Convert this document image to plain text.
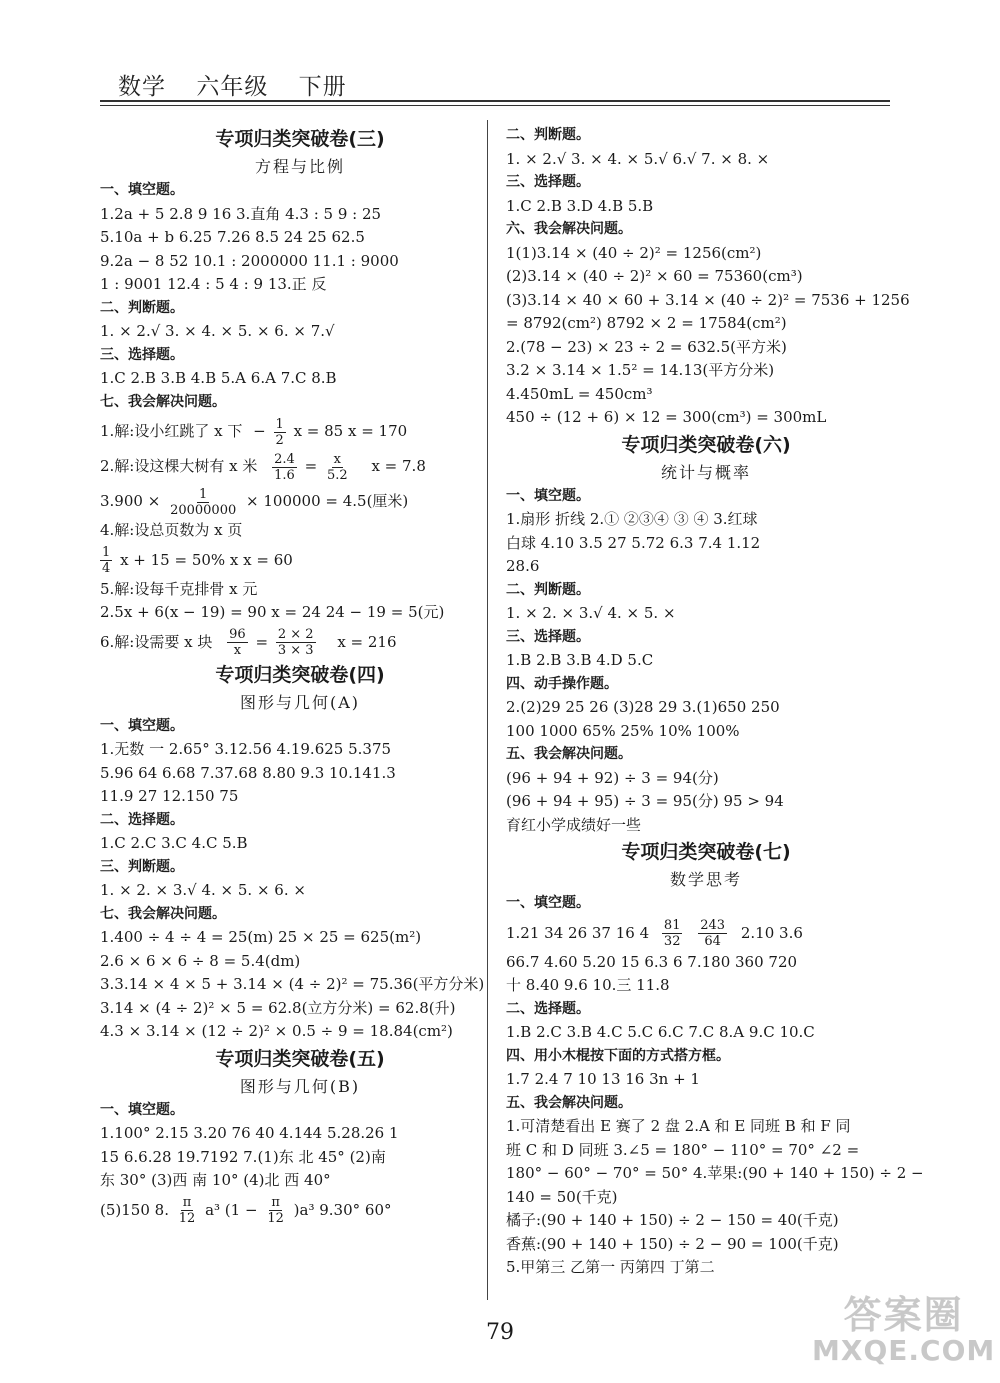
数学 六年级 下册
专项归类突破卷(三)
方程与比例
一、填空题。
1.2a + 5 2.8 9 16 3.直角 4.3 : 5 9 : 25
5.10a + b 6.25 7.26 8.5 24 25 62.5
9.2a − 8 52 10.1 : 2000000 11.1 : 9000
1 : 9001 12.4 : 5 4 : 9 13.正 反
二、判断题。
1. × 2.√ 3. × 4. × 5. × 6. × 7.√
三、选择题。
1.C 2.B 3.B 4.B 5.A 6.A 7.C 8.B
七、我会解决问题。
1.解:设小红跳了 x 下 − $\frac{1}{2}$ x = 85 x = 170
2.解:设这棵大树有 x 米 $\frac{2.4}{1.6} = \frac{x}{5.2}$ x = 7.8
$3.900 \times \frac{1}{20000000} \times 100000 = 4.5$(厘米)
4.解:设总页数为 x 页
$\frac{1}{4}$ x + 15 = 50% x x = 60
5.解:设每千克排骨 x 元
2.5x + 6(x − 19) = 90 x = 24 24 − 19 = 5(元)
6.解:设需要 x 块 $\frac{96}{x} = \frac{2 \times 2}{3 \times 3}$ x = 216
专项归类突破卷(四)
图形与几何(A)
一、填空题。
1.无数 一 2.65° 3.12.56 4.19.625 5.375
5.96 64 6.68 7.37.68 8.80 9.3 10.141.3
11.9 27 12.150 75
二、选择题。
1.C 2.C 3.C 4.C 5.B
三、判断题。
1. × 2. × 3.√ 4. × 5. × 6. ×
七、我会解决问题。
1.400 ÷ 4 ÷ 4 = 25(m) 25 × 25 = 625(m²)
2.6 × 6 × 6 ÷ 8 = 5.4(dm)
3.3.14 × 4 × 5 + 3.14 × (4 ÷ 2)² = 75.36(平方分米)
3.14 × (4 ÷ 2)² × 5 = 62.8(立方分米) = 62.8(升)
4.3 × 3.14 × (12 ÷ 2)² × 0.5 ÷ 9 = 18.84(cm²)
专项归类突破卷(五)
图形与几何(B)
一、填空题。
1.100° 2.15 3.20 76 40 4.144 5.28.26 1
15 6.6.28 19.7192 7.(1)东 北 45° (2)南
东 30° (3)西 南 10° (4)北 西 40°
(5)150 8. $\frac{\pi}{12} a^3$ $(1 - \frac{\pi}{12} )a^3$ 9.30° 60°
二、判断题。
1. × 2.√ 3. × 4. × 5.√ 6.√ 7. × 8. ×
三、选择题。
1.C 2.B 3.D 4.B 5.B
六、我会解决问题。
1(1)3.14 × (40 ÷ 2)² = 1256(cm²)
(2)3.14 × (40 ÷ 2)² × 60 = 75360(cm³)
(3)3.14 × 40 × 60 + 3.14 × (40 ÷ 2)² = 7536 + 1256
= 8792(cm²) 8792 × 2 = 17584(cm²)
2.(78 − 23) × 23 ÷ 2 = 632.5(平方米)
3.2 × 3.14 × 1.5² = 14.13(平方分米)
4.450mL = 450cm³
450 ÷ (12 + 6) × 12 = 300(cm³) = 300mL
专项归类突破卷(六)
统计与概率
一、填空题。
1.扇形 折线 2.① ②③④ ③ ④ 3.红球
白球 4.10 3.5 27 5.72 6.3 7.4 1.12
28.6
二、判断题。
1. × 2. × 3.√ 4. × 5. ×
三、选择题。
1.B 2.B 3.B 4.D 5.C
四、动手操作题。
2.(2)29 25 26 (3)28 29 3.(1)650 250
100 1000 65% 25% 10% 100%
五、我会解决问题。
(96 + 94 + 92) ÷ 3 = 94(分)
(96 + 94 + 95) ÷ 3 = 95(分) 95 > 94
育红小学成绩好一些
专项归类突破卷(七)
数学思考
一、填空题。
1.21 34 26 37 16 $4 \frac{81}{32}$
$\frac{243}{64} 2.10$ 3.6
66.7 4.60 5.20 15 6.3 6 7.180 360 720
十 8.40 9.6 10.三 11.8
二、选择题。
1.B 2.C 3.B 4.C 5.C 6.C 7.C 8.A 9.C 10.C
四、用小木棍按下面的方式搭方框。
1.7 2.4 7 10 13 16 3n + 1
五、我会解决问题。
1.可清楚看出 E 赛了 2 盘 2.A 和 E 同班 B 和 F 同
班 C 和 D 同班 3.∠5 = 180° − 110° = 70° ∠2 =
180° − 60° − 70° = 50° 4.苹果:(90 + 140 + 150) ÷ 2 −
140 = 50(千克)
橘子:(90 + 140 + 150) ÷ 2 − 150 = 40(千克)
香蕉:(90 + 140 + 150) ÷ 2 − 90 = 100(千克)
5.甲第三 乙第一 丙第四 丁第二
79	答案圈
MXQE.COM
